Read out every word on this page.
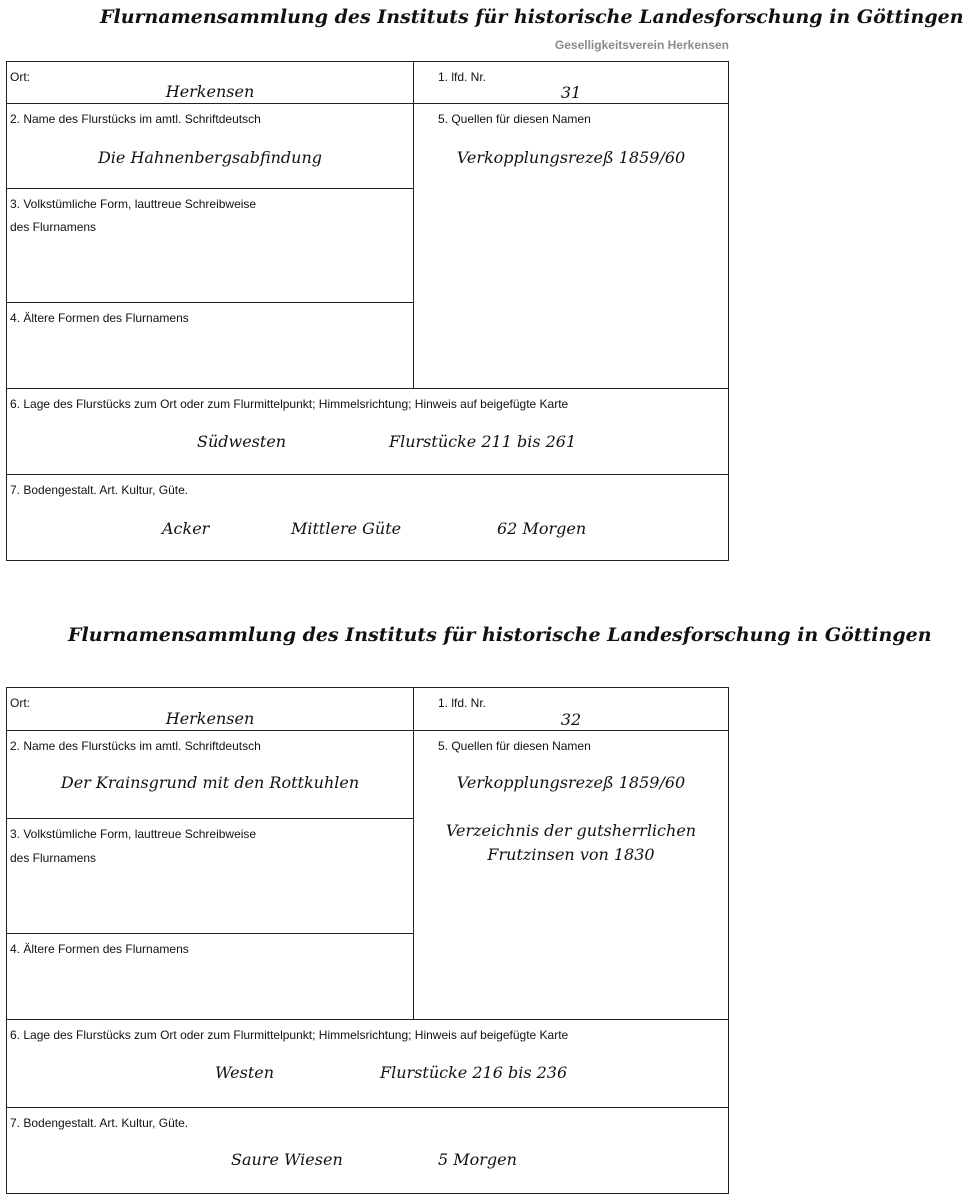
Flurnamensammlung des Instituts für historische Landesforschung in Göttingen
Geselligkeitsverein Herkensen
Ort:
Herkensen
1. lfd. Nr.
31
2. Name des Flurstücks im amtl. Schriftdeutsch
Die Hahnenbergsabfindung
5. Quellen für diesen Namen
Verkopplungsrezeß 1859/60
3. Volkstümliche Form, lauttreue Schreibweise
des Flurnamens
4. Ältere Formen des Flurnamens
6. Lage des Flurstücks zum Ort oder zum Flurmittelpunkt; Himmelsrichtung; Hinweis auf beigefügte Karte
Südwesten	Flurstücke 211 bis 261
7. Bodengestalt. Art. Kultur, Güte.
Acker	Mittlere Güte	62 Morgen
Flurnamensammlung des Instituts für historische Landesforschung in Göttingen
Ort:
Herkensen
1. lfd. Nr.
32
2. Name des Flurstücks im amtl. Schriftdeutsch
Der Krainsgrund mit den Rottkuhlen
5. Quellen für diesen Namen
Verkopplungsrezeß 1859/60
Verzeichnis der gutsherrlichen
Frutzinsen von 1830
3. Volkstümliche Form, lauttreue Schreibweise
des Flurnamens
4. Ältere Formen des Flurnamens
6. Lage des Flurstücks zum Ort oder zum Flurmittelpunkt; Himmelsrichtung; Hinweis auf beigefügte Karte
Westen	Flurstücke 216 bis 236
7. Bodengestalt. Art. Kultur, Güte.
Saure Wiesen	5 Morgen
